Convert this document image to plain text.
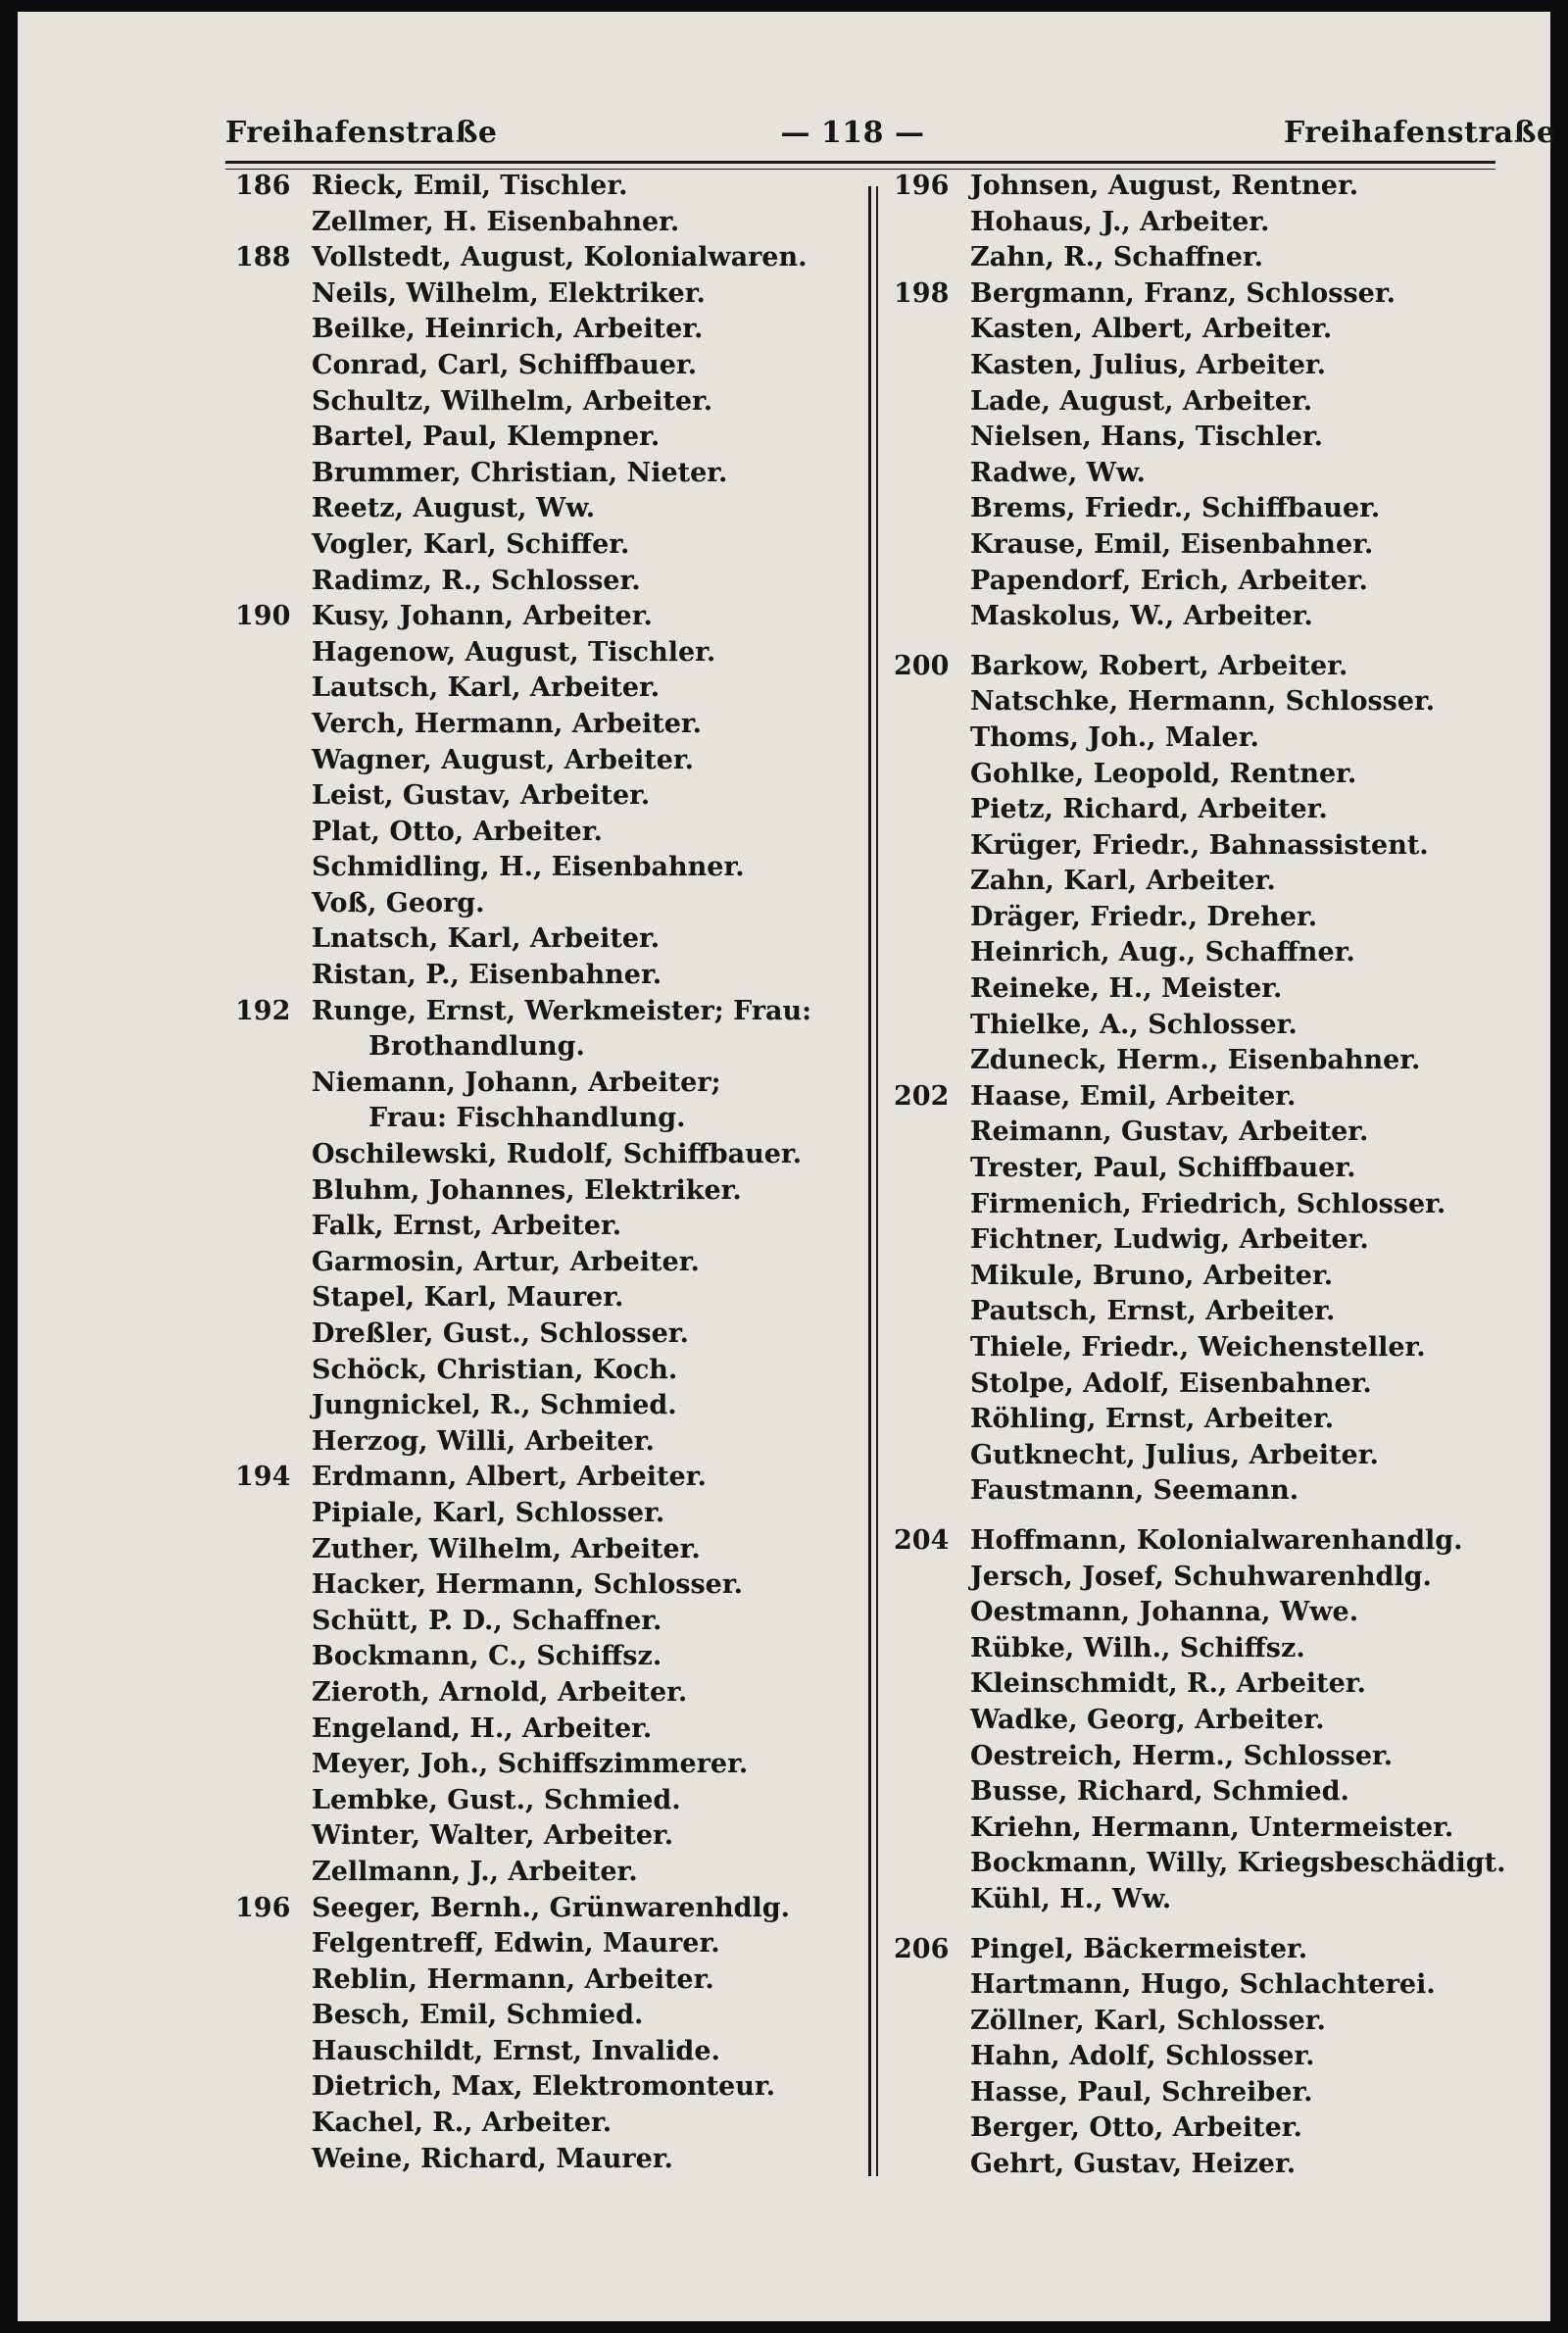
Freihafenstraße	— 118 —	Freihafenstraße
186 Rieck, Emil, Tischler.
Zellmer, H. Eisenbahner.
188 Vollstedt, August, Kolonialwaren.
Neils, Wilhelm, Elektriker.
Beilke, Heinrich, Arbeiter.
Conrad, Carl, Schiffbauer.
Schultz, Wilhelm, Arbeiter.
Bartel, Paul, Klempner.
Brummer, Christian, Nieter.
Reetz, August, Ww.
Vogler, Karl, Schiffer.
Radimz, R., Schlosser.
190 Kusy, Johann, Arbeiter.
Hagenow, August, Tischler.
Lautsch, Karl, Arbeiter.
Verch, Hermann, Arbeiter.
Wagner, August, Arbeiter.
Leist, Gustav, Arbeiter.
Plat, Otto, Arbeiter.
Schmidling, H., Eisenbahner.
Voß, Georg.
Lnatsch, Karl, Arbeiter.
Ristan, P., Eisenbahner.
192 Runge, Ernst, Werkmeister; Frau:
Brothandlung.
Niemann, Johann, Arbeiter;
Frau: Fischhandlung.
Oschilewski, Rudolf, Schiffbauer.
Bluhm, Johannes, Elektriker.
Falk, Ernst, Arbeiter.
Garmosin, Artur, Arbeiter.
Stapel, Karl, Maurer.
Dreßler, Gust., Schlosser.
Schöck, Christian, Koch.
Jungnickel, R., Schmied.
Herzog, Willi, Arbeiter.
194 Erdmann, Albert, Arbeiter.
Pipiale, Karl, Schlosser.
Zuther, Wilhelm, Arbeiter.
Hacker, Hermann, Schlosser.
Schütt, P. D., Schaffner.
Bockmann, C., Schiffsz.
Zieroth, Arnold, Arbeiter.
Engeland, H., Arbeiter.
Meyer, Joh., Schiffszimmerer.
Lembke, Gust., Schmied.
Winter, Walter, Arbeiter.
Zellmann, J., Arbeiter.
196 Seeger, Bernh., Grünwarenhdlg.
Felgentreff, Edwin, Maurer.
Reblin, Hermann, Arbeiter.
Besch, Emil, Schmied.
Hauschildt, Ernst, Invalide.
Dietrich, Max, Elektromonteur.
Kachel, R., Arbeiter.
Weine, Richard, Maurer.
196 Johnsen, August, Rentner.
Hohaus, J., Arbeiter.
Zahn, R., Schaffner.
198 Bergmann, Franz, Schlosser.
Kasten, Albert, Arbeiter.
Kasten, Julius, Arbeiter.
Lade, August, Arbeiter.
Nielsen, Hans, Tischler.
Radwe, Ww.
Brems, Friedr., Schiffbauer.
Krause, Emil, Eisenbahner.
Papendorf, Erich, Arbeiter.
Maskolus, W., Arbeiter.
200 Barkow, Robert, Arbeiter.
Natschke, Hermann, Schlosser.
Thoms, Joh., Maler.
Gohlke, Leopold, Rentner.
Pietz, Richard, Arbeiter.
Krüger, Friedr., Bahnassistent.
Zahn, Karl, Arbeiter.
Dräger, Friedr., Dreher.
Heinrich, Aug., Schaffner.
Reineke, H., Meister.
Thielke, A., Schlosser.
Zduneck, Herm., Eisenbahner.
202 Haase, Emil, Arbeiter.
Reimann, Gustav, Arbeiter.
Trester, Paul, Schiffbauer.
Firmenich, Friedrich, Schlosser.
Fichtner, Ludwig, Arbeiter.
Mikule, Bruno, Arbeiter.
Pautsch, Ernst, Arbeiter.
Thiele, Friedr., Weichensteller.
Stolpe, Adolf, Eisenbahner.
Röhling, Ernst, Arbeiter.
Gutknecht, Julius, Arbeiter.
Faustmann, Seemann.
204 Hoffmann, Kolonialwarenhandlg.
Jersch, Josef, Schuhwarenhdlg.
Oestmann, Johanna, Wwe.
Rübke, Wilh., Schiffsz.
Kleinschmidt, R., Arbeiter.
Wadke, Georg, Arbeiter.
Oestreich, Herm., Schlosser.
Busse, Richard, Schmied.
Kriehn, Hermann, Untermeister.
Bockmann, Willy, Kriegsbeschädigt.
Kühl, H., Ww.
206 Pingel, Bäckermeister.
Hartmann, Hugo, Schlachterei.
Zöllner, Karl, Schlosser.
Hahn, Adolf, Schlosser.
Hasse, Paul, Schreiber.
Berger, Otto, Arbeiter.
Gehrt, Gustav, Heizer.
